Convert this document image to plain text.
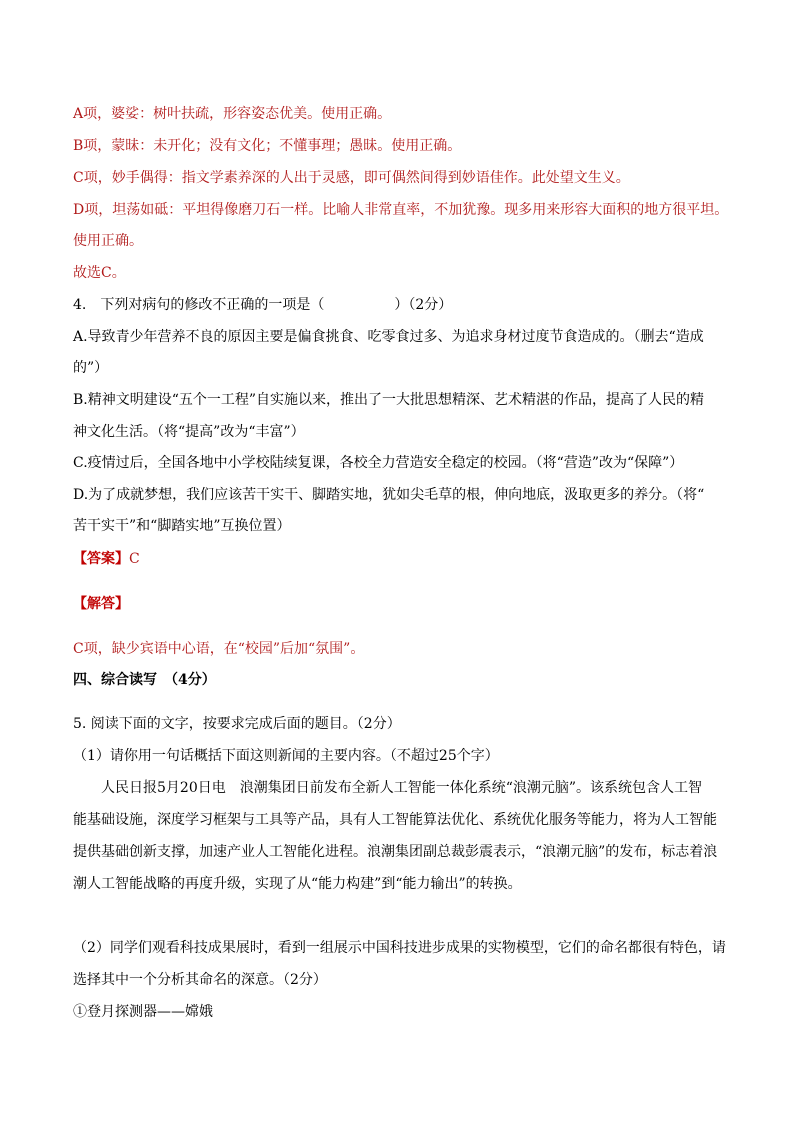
A项，婆娑：树叶扶疏，形容姿态优美。使用正确。
B项，蒙昧：未开化；没有文化；不懂事理；愚昧。使用正确。
C项，妙手偶得：指文学素养深的人出于灵感，即可偶然间得到妙语佳作。此处望文生义。
D项，坦荡如砥：平坦得像磨刀石一样。比喻人非常直率，不加犹豫。现多用来形容大面积的地方很平坦。
使用正确。
故选C。
4.　下列对病句的修改不正确的一项是（　　　　　）（2分）
A.导致青少年营养不良的原因主要是偏食挑食、吃零食过多、为追求身材过度节食造成的。（删去“造成
的”）
B.精神文明建设“五个一工程”自实施以来，推出了一大批思想精深、艺术精湛的作品，提高了人民的精
神文化生活。（将“提高”改为“丰富”）
C.疫情过后，全国各地中小学校陆续复课，各校全力营造安全稳定的校园。（将“营造”改为“保障”）
D.为了成就梦想，我们应该苦干实干、脚踏实地，犹如尖毛草的根，伸向地底，汲取更多的养分。（将“
苦干实干”和“脚踏实地”互换位置）
【答案】C
【解答】
C项，缺少宾语中心语，在“校园”后加“氛围”。
四、综合读写　（4分）
5. 阅读下面的文字，按要求完成后面的题目。（2分）
（1）请你用一句话概括下面这则新闻的主要内容。（不超过25个字）
人民日报5月20日电　浪潮集团日前发布全新人工智能一体化系统“浪潮元脑”。该系统包含人工智
能基础设施，深度学习框架与工具等产品，具有人工智能算法优化、系统优化服务等能力，将为人工智能
提供基础创新支撑，加速产业人工智能化进程。浪潮集团副总裁彭震表示，“浪潮元脑”的发布，标志着浪
潮人工智能战略的再度升级，实现了从“能力构建”到“能力输出”的转换。
（2）同学们观看科技成果展时，看到一组展示中国科技进步成果的实物模型，它们的命名都很有特色，请
选择其中一个分析其命名的深意。（2分）
①登月探测器——嫦娥
